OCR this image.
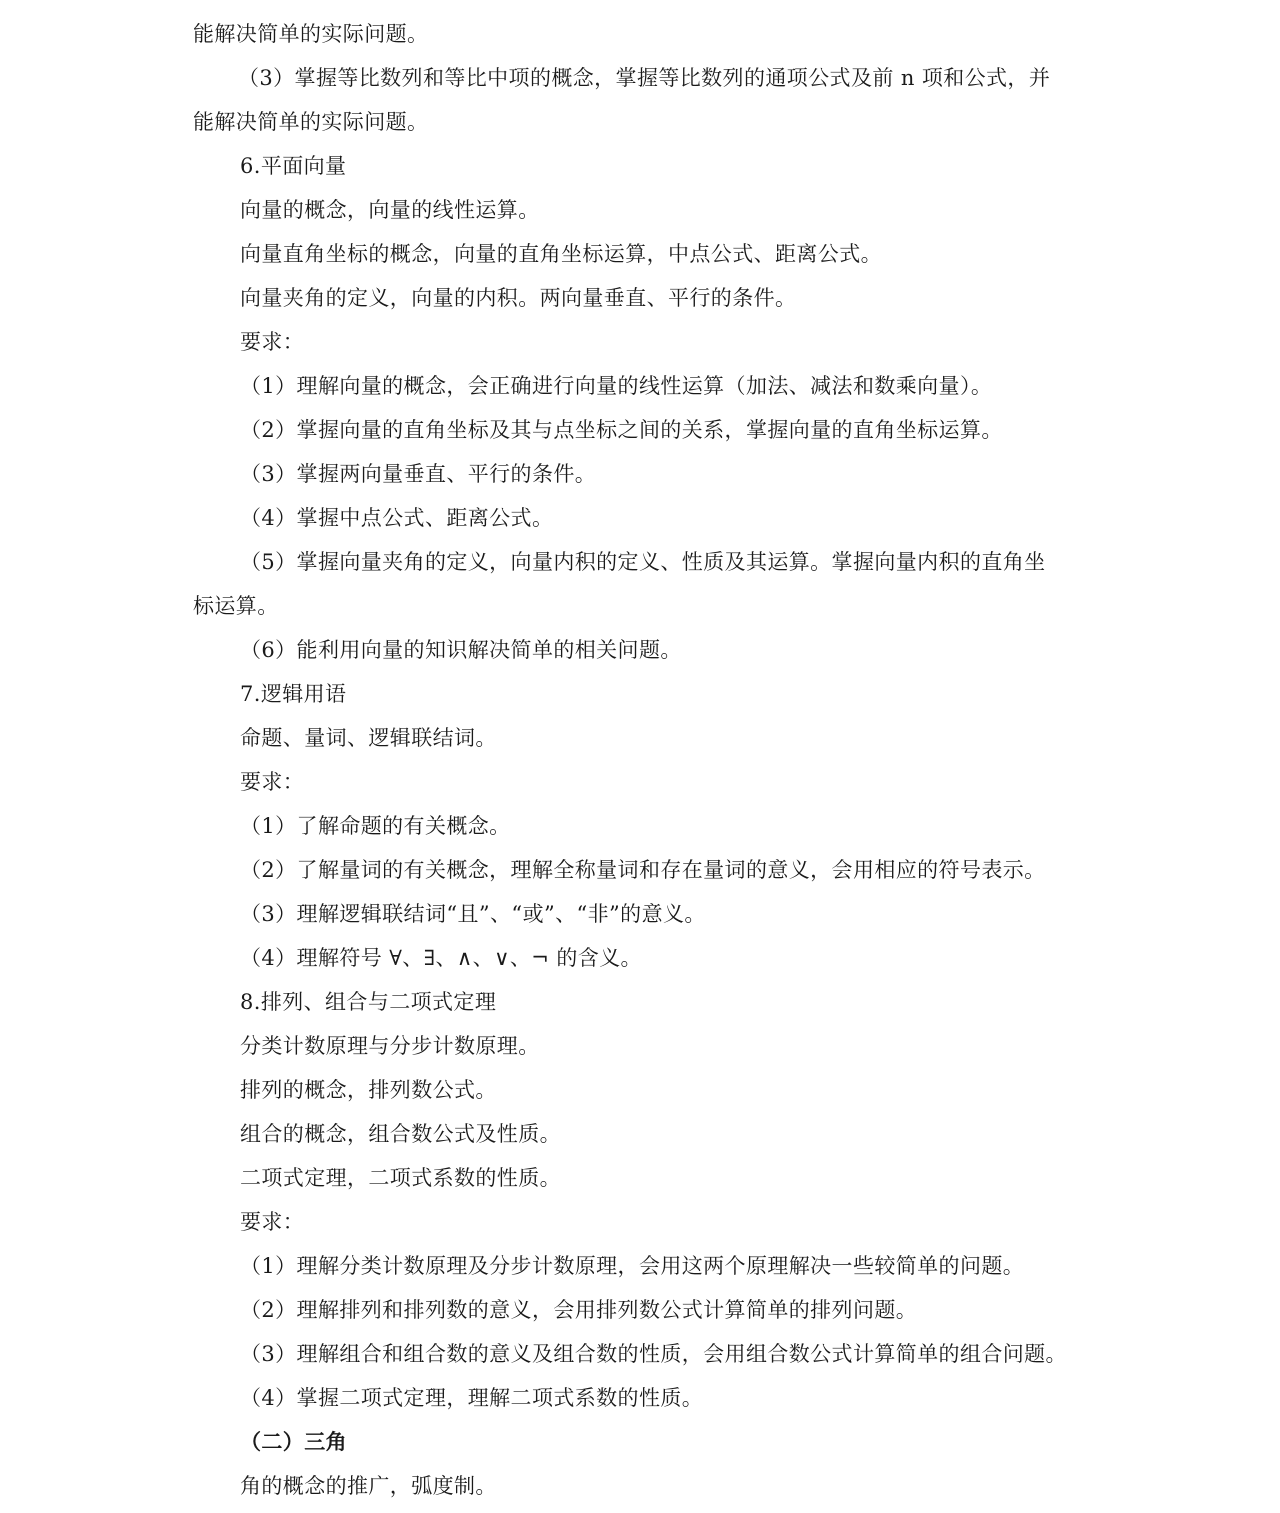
能解决简单的实际问题。
（3）掌握等比数列和等比中项的概念，掌握等比数列的通项公式及前 n 项和公式，并
能解决简单的实际问题。
6.平面向量
向量的概念，向量的线性运算。
向量直角坐标的概念，向量的直角坐标运算，中点公式、距离公式。
向量夹角的定义，向量的内积。两向量垂直、平行的条件。
要求：
（1）理解向量的概念，会正确进行向量的线性运算（加法、减法和数乘向量）。
（2）掌握向量的直角坐标及其与点坐标之间的关系，掌握向量的直角坐标运算。
（3）掌握两向量垂直、平行的条件。
（4）掌握中点公式、距离公式。
（5）掌握向量夹角的定义，向量内积的定义、性质及其运算。掌握向量内积的直角坐
标运算。
（6）能利用向量的知识解决简单的相关问题。
7.逻辑用语
命题、量词、逻辑联结词。
要求：
（1）了解命题的有关概念。
（2）了解量词的有关概念，理解全称量词和存在量词的意义，会用相应的符号表示。
（3）理解逻辑联结词“且”、“或”、“非”的意义。
（4）理解符号 ∀、∃、∧、∨、¬ 的含义。
8.排列、组合与二项式定理
分类计数原理与分步计数原理。
排列的概念，排列数公式。
组合的概念，组合数公式及性质。
二项式定理，二项式系数的性质。
要求：
（1）理解分类计数原理及分步计数原理，会用这两个原理解决一些较简单的问题。
（2）理解排列和排列数的意义，会用排列数公式计算简单的排列问题。
（3）理解组合和组合数的意义及组合数的性质，会用组合数公式计算简单的组合问题。
（4）掌握二项式定理，理解二项式系数的性质。
（二）三角
角的概念的推广，弧度制。
